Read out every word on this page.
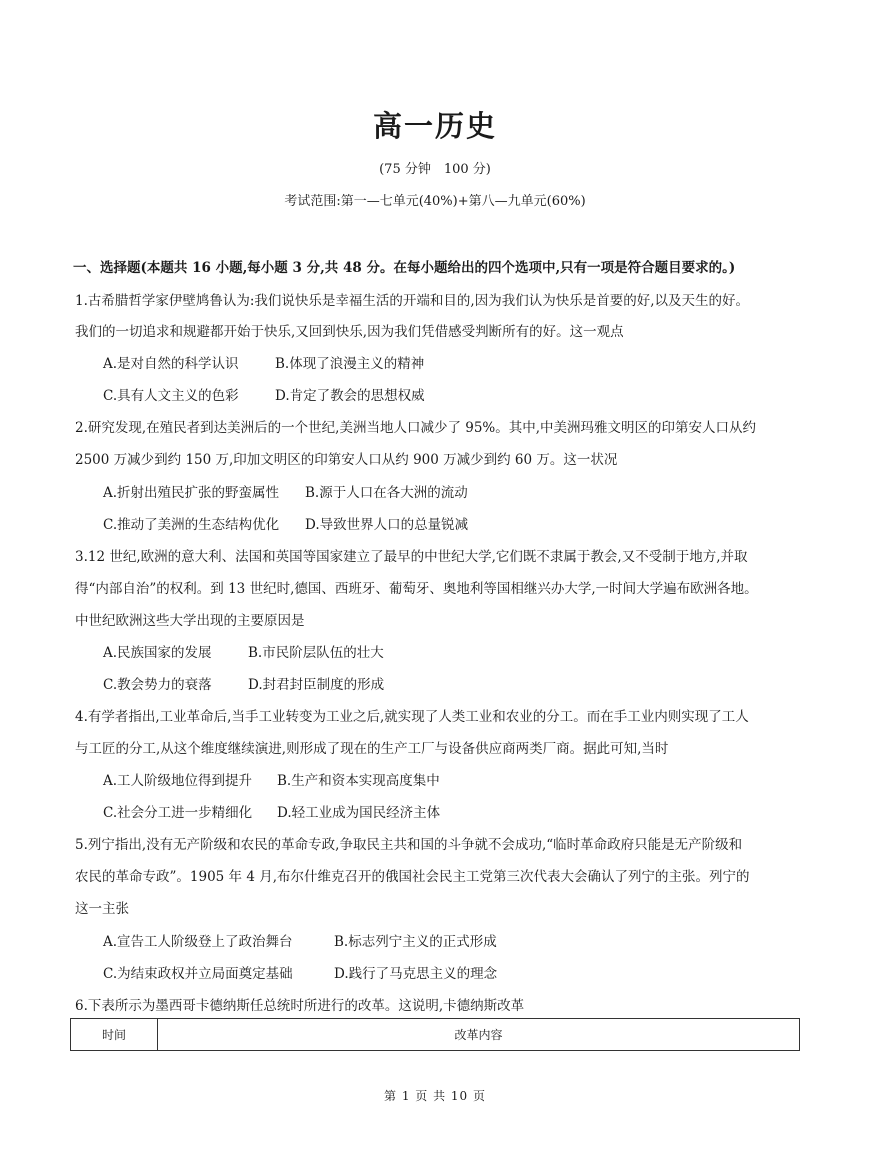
高一历史
(75 分钟　100 分)
考试范围:第一—七单元(40%)+第八—九单元(60%)
一、选择题(本题共 16 小题,每小题 3 分,共 48 分。在每小题给出的四个选项中,只有一项是符合题目要求的。)
1.古希腊哲学家伊壁鸠鲁认为:我们说快乐是幸福生活的开端和目的,因为我们认为快乐是首要的好,以及天生的好。
我们的一切追求和规避都开始于快乐,又回到快乐,因为我们凭借感受判断所有的好。这一观点
A.是对自然的科学认识	B.体现了浪漫主义的精神
C.具有人文主义的色彩	D.肯定了教会的思想权威
2.研究发现,在殖民者到达美洲后的一个世纪,美洲当地人口减少了 95%。其中,中美洲玛雅文明区的印第安人口从约
2500 万减少到约 150 万,印加文明区的印第安人口从约 900 万减少到约 60 万。这一状况
A.折射出殖民扩张的野蛮属性 B.源于人口在各大洲的流动
C.推动了美洲的生态结构优化 D.导致世界人口的总量锐减
3.12 世纪,欧洲的意大利、法国和英国等国家建立了最早的中世纪大学,它们既不隶属于教会,又不受制于地方,并取
得“内部自治”的权利。到 13 世纪时,德国、西班牙、葡萄牙、奥地利等国相继兴办大学,一时间大学遍布欧洲各地。
中世纪欧洲这些大学出现的主要原因是
A.民族国家的发展	B.市民阶层队伍的壮大
C.教会势力的衰落	D.封君封臣制度的形成
4.有学者指出,工业革命后,当手工业转变为工业之后,就实现了人类工业和农业的分工。而在手工业内则实现了工人
与工匠的分工,从这个维度继续演进,则形成了现在的生产工厂与设备供应商两类厂商。据此可知,当时
A.工人阶级地位得到提升 B.生产和资本实现高度集中
C.社会分工进一步精细化 D.轻工业成为国民经济主体
5.列宁指出,没有无产阶级和农民的革命专政,争取民主共和国的斗争就不会成功,“临时革命政府只能是无产阶级和
农民的革命专政”。1905 年 4 月,布尔什维克召开的俄国社会民主工党第三次代表大会确认了列宁的主张。列宁的
这一主张
A.宣告工人阶级登上了政治舞台	B.标志列宁主义的正式形成
C.为结束政权并立局面奠定基础	D.践行了马克思主义的理念
6.下表所示为墨西哥卡德纳斯任总统时所进行的改革。这说明,卡德纳斯改革
时间	改革内容
第 1 页 共 10 页
